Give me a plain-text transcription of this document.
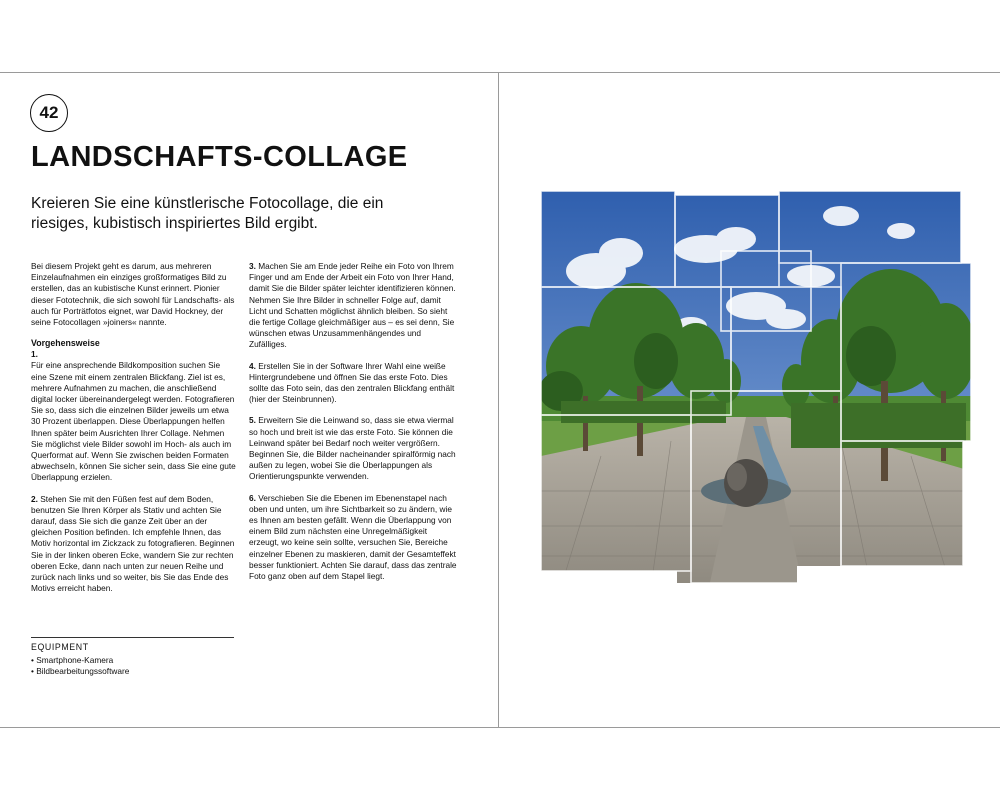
42
LANDSCHAFTS-COLLAGE

Kreieren Sie eine künstlerische Fotocollage, die ein riesiges, kubistisch inspiriertes Bild ergibt.

Bei diesem Projekt geht es darum, aus mehreren Einzelaufnahmen ein einziges großformatiges Bild zu erstellen, das an kubistische Kunst erinnert. Pionier dieser Fototechnik, die sich sowohl für Landschafts- als auch für Porträtfotos eignet, war David Hockney, der seine Fotocollagen »joiners« nannte.

Vorgehensweise

1.
Für eine ansprechende Bildkomposition suchen Sie eine Szene mit einem zentralen Blickfang. Ziel ist es, mehrere Aufnahmen zu machen, die anschließend digital locker übereinandergelegt werden. Fotografieren Sie so, dass sich die einzelnen Bilder jeweils um etwa 30 Prozent überlappen. Diese Überlappungen helfen Ihnen später beim Ausrichten Ihrer Collage. Nehmen Sie möglichst viele Bilder sowohl im Hoch- als auch im Querformat auf. Wenn Sie zwischen beiden Formaten abwechseln, können Sie sicher sein, dass Sie eine gute Überlappung erzielen.

2. Stehen Sie mit den Füßen fest auf dem Boden, benutzen Sie Ihren Körper als Stativ und achten Sie darauf, dass Sie sich die ganze Zeit über an der gleichen Position befinden. Ich empfehle Ihnen, das Motiv horizontal im Zickzack zu fotografieren. Beginnen Sie in der linken oberen Ecke, wandern Sie zur rechten oberen Ecke, dann nach unten zur neuen Reihe und zurück nach links und so weiter, bis Sie das Ende des Motivs erreicht haben.

3. Machen Sie am Ende jeder Reihe ein Foto von Ihrem Finger und am Ende der Arbeit ein Foto von Ihrer Hand, damit Sie die Bilder später leichter identifizieren können. Nehmen Sie Ihre Bilder in schneller Folge auf, damit Licht und Schatten möglichst ähnlich bleiben. So sieht die fertige Collage gleichmäßiger aus – es sei denn, Sie wünschen etwas Unzusammenhängendes und Zufälliges.

4. Erstellen Sie in der Software Ihrer Wahl eine weiße Hintergrundebene und öffnen Sie das erste Foto. Dies sollte das Foto sein, das den zentralen Blickfang enthält (hier der Steinbrunnen).

5. Erweitern Sie die Leinwand so, dass sie etwa viermal so hoch und breit ist wie das erste Foto. Sie können die Leinwand später bei Bedarf noch weiter vergrößern. Beginnen Sie, die Bilder nacheinander spiralförmig nach außen zu legen, wobei Sie die Überlappungen als Orientierungspunkte verwenden.

6. Verschieben Sie die Ebenen im Ebenenstapel nach oben und unten, um ihre Sichtbarkeit so zu ändern, wie es Ihnen am besten gefällt. Wenn die Überlappung von einem Bild zum nächsten eine Unregelmäßigkeit erzeugt, wo keine sein sollte, versuchen Sie, Bereiche einzelner Ebenen zu maskieren, damit der Gesamteffekt besser funktioniert. Achten Sie darauf, dass das zentrale Foto ganz oben auf dem Stapel liegt.

EQUIPMENT
• Smartphone-Kamera
• Bildbearbeitungssoftware
